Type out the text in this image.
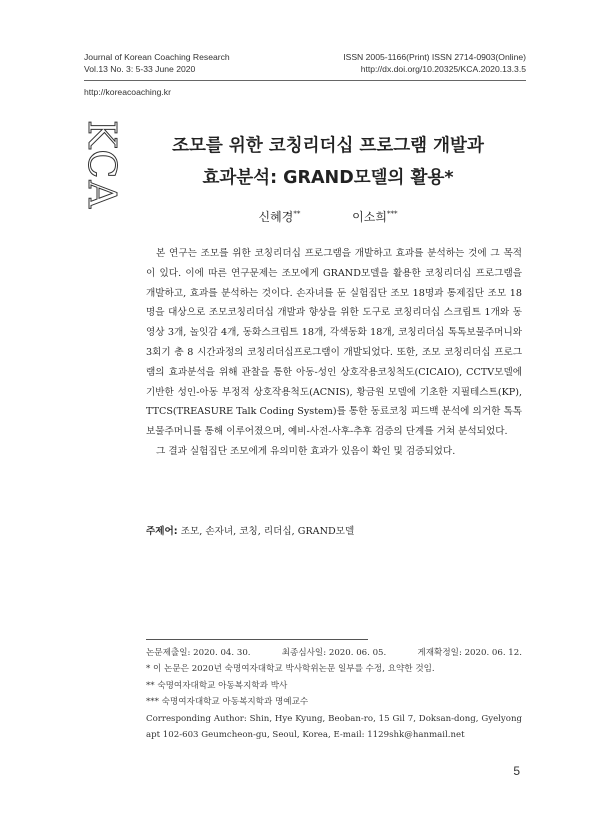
Journal of Korean Coaching Research
Vol.13 No. 3: 5-33 June 2020
ISSN 2005-1166(Print) ISSN 2714-0903(Online)
http://dx.doi.org/10.20325/KCA.2020.13.3.5
http://koreacoaching.kr
KCA	조모를 위한 코칭리더십 프로그램 개발과
효과분석: GRAND모델의 활용*
신혜경**	이소희***

본 연구는 조모를 위한 코칭리더십 프로그램을 개발하고 효과를 분석하는 것에 그 목적이 있다. 이에 따른 연구문제는 조모에게 GRAND모델을 활용한 코칭리더십 프로그램을 개발하고, 효과를 분석하는 것이다. 손자녀를 둔 실험집단 조모 18명과 통제집단 조모 18명을 대상으로 조모코칭리더십 개발과 향상을 위한 도구로 코칭리더십 스크립트 1개와 동영상 3개, 놀잇감 4개, 동화스크립트 18개, 각색동화 18개, 코칭리더십 톡톡보물주머니와 3회기 총 8 시간과정의 코칭리더십프로그램이 개발되었다. 또한, 조모 코칭리더십 프로그램의 효과분석을 위해 관찰을 통한 아동-성인 상호작용코칭척도(CICAIO), CCTV모델에 기반한 성인-아동 부정적 상호작용척도(ACNIS), 황금원 모델에 기초한 지필테스트(KP), TTCS(TREASURE Talk Coding System)를 통한 동료코칭 피드백 분석에 의거한 톡톡보물주머니를 통해 이루어졌으며, 예비-사전-사후-추후 검증의 단계를 거쳐 분석되었다.

그 결과 실험집단 조모에게 유의미한 효과가 있음이 확인 및 검증되었다.

주제어: 조모, 손자녀, 코칭, 리더십, GRAND모델
논문제출일: 2020. 04. 30.	최종심사일: 2020. 06. 05.	게재확정일: 2020. 06. 12.
* 이 논문은 2020년 숙명여자대학교 박사학위논문 일부를 수정, 요약한 것임.
** 숙명여자대학교 아동복지학과 박사
*** 숙명여자대학교 아동복지학과 명예교수
Corresponding Author: Shin, Hye Kyung, Beoban-ro, 15 Gil 7, Doksan-dong, Gyelyong apt 102-603 Geumcheon-gu, Seoul, Korea, E-mail: 1129shk@hanmail.net
5
